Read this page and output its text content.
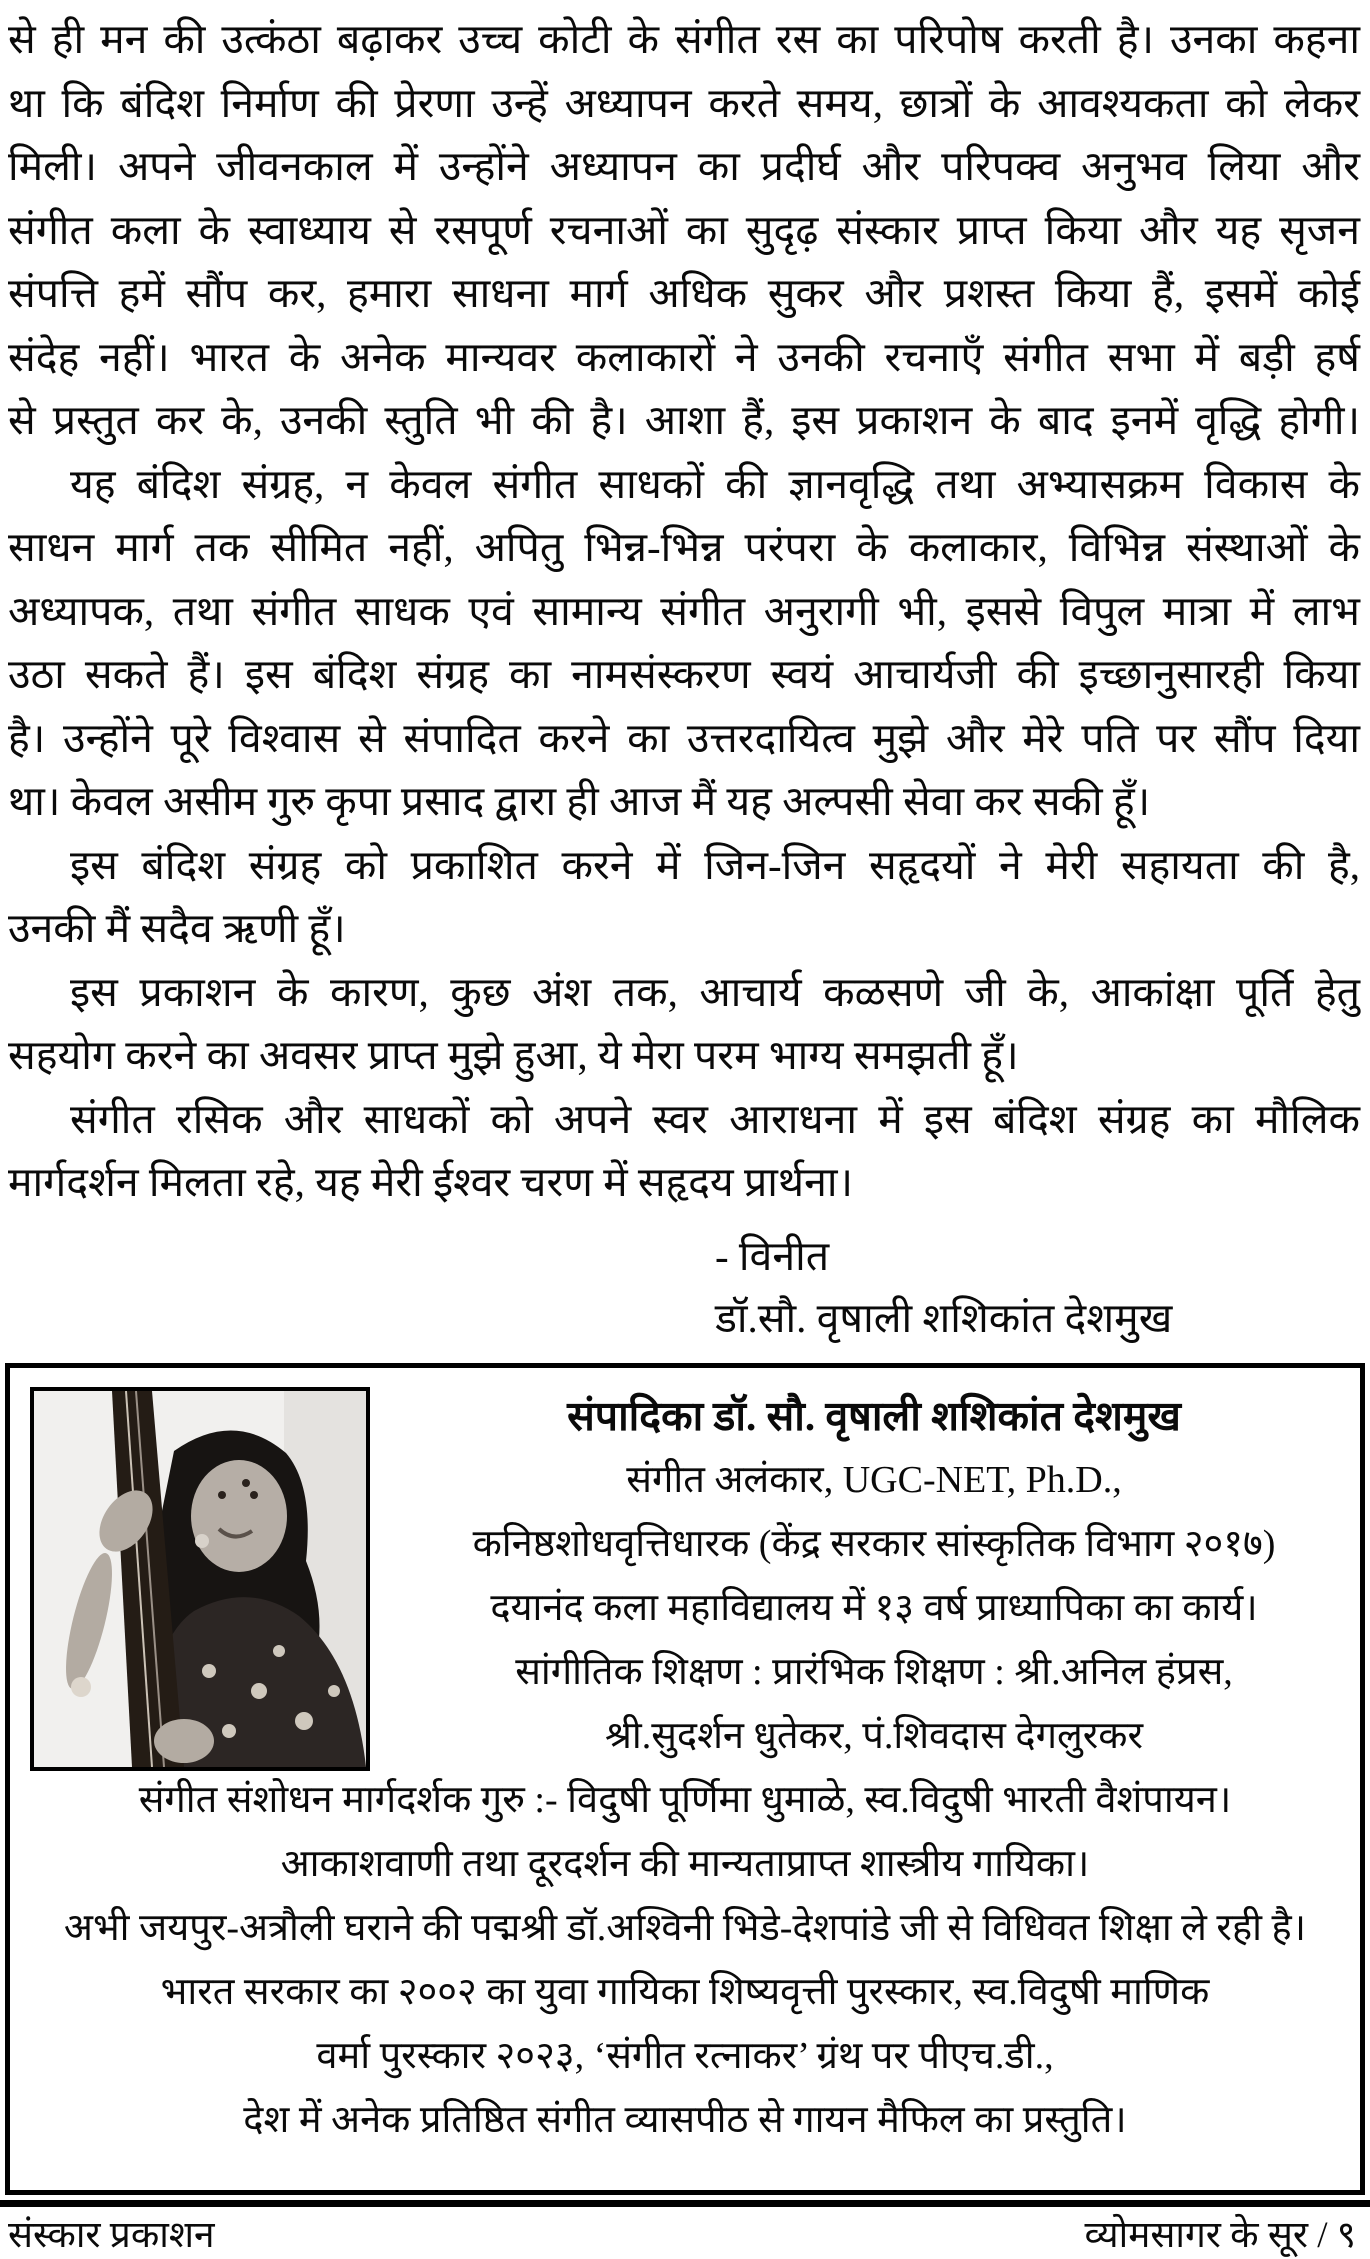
से ही मन की उत्कंठा बढ़ाकर उच्च कोटी के संगीत रस का परिपोष करती है। उनका कहना
था कि बंदिश निर्माण की प्रेरणा उन्हें अध्यापन करते समय, छात्रों के आवश्यकता को लेकर
मिली। अपने जीवनकाल में उन्होंने अध्यापन का प्रदीर्घ और परिपक्व अनुभव लिया और
संगीत कला के स्वाध्याय से रसपूर्ण रचनाओं का सुदृढ़ संस्कार प्राप्त किया और यह सृजन
संपत्ति हमें सौंप कर, हमारा साधना मार्ग अधिक सुकर और प्रशस्त किया हैं, इसमें कोई
संदेह नहीं। भारत के अनेक मान्यवर कलाकारों ने उनकी रचनाएँ संगीत सभा में बड़ी हर्ष
से प्रस्तुत कर के, उनकी स्तुति भी की है। आशा हैं, इस प्रकाशन के बाद इनमें वृद्धि होगी।
यह बंदिश संग्रह, न केवल संगीत साधकों की ज्ञानवृद्धि तथा अभ्यासक्रम विकास के
साधन मार्ग तक सीमित नहीं, अपितु भिन्न-भिन्न परंपरा के कलाकार, विभिन्न संस्थाओं के
अध्यापक, तथा संगीत साधक एवं सामान्य संगीत अनुरागी भी, इससे विपुल मात्रा में लाभ
उठा सकते हैं। इस बंदिश संग्रह का नामसंस्करण स्वयं आचार्यजी की इच्छानुसारही किया
है। उन्होंने पूरे विश्वास से संपादित करने का उत्तरदायित्व मुझे और मेरे पति पर सौंप दिया
था। केवल असीम गुरु कृपा प्रसाद द्वारा ही आज मैं यह अल्पसी सेवा कर सकी हूँ।
इस बंदिश संग्रह को प्रकाशित करने में जिन-जिन सहृदयों ने मेरी सहायता की है,
उनकी मैं सदैव ऋणी हूँ।
इस प्रकाशन के कारण, कुछ अंश तक, आचार्य कळसणे जी के, आकांक्षा पूर्ति हेतु
सहयोग करने का अवसर प्राप्त मुझे हुआ, ये मेरा परम भाग्य समझती हूँ।
संगीत रसिक और साधकों को अपने स्वर आराधना में इस बंदिश संग्रह का मौलिक
मार्गदर्शन मिलता रहे, यह मेरी ईश्वर चरण में सहृदय प्रार्थना।
- विनीत
डॉ.सौ. वृषाली शशिकांत देशमुख
संपादिका डॉ. सौ. वृषाली शशिकांत देशमुख
संगीत अलंकार, UGC-NET, Ph.D.,
कनिष्ठशोधवृत्तिधारक (केंद्र सरकार सांस्कृतिक विभाग २०१७)
दयानंद कला महाविद्यालय में १३ वर्ष प्राध्यापिका का कार्य।
सांगीतिक शिक्षण : प्रारंभिक शिक्षण : श्री.अनिल हंप्रस,
श्री.सुदर्शन धुतेकर, पं.शिवदास देगलुरकर
संगीत संशोधन मार्गदर्शक गुरु :- विदुषी पूर्णिमा धुमाळे, स्व.विदुषी भारती वैशंपायन।
आकाशवाणी तथा दूरदर्शन की मान्यताप्राप्त शास्त्रीय गायिका।
अभी जयपुर-अत्रौली घराने की पद्मश्री डॉ.अश्विनी भिडे-देशपांडे जी से विधिवत शिक्षा ले रही है।
भारत सरकार का २००२ का युवा गायिका शिष्यवृत्ती पुरस्कार, स्व.विदुषी माणिक
वर्मा पुरस्कार २०२३, ‘संगीत रत्नाकर’ ग्रंथ पर पीएच.डी.,
देश में अनेक प्रतिष्ठित संगीत व्यासपीठ से गायन मैफिल का प्रस्तुति।
संस्कार प्रकाशन	व्योमसागर के सूर / ९
